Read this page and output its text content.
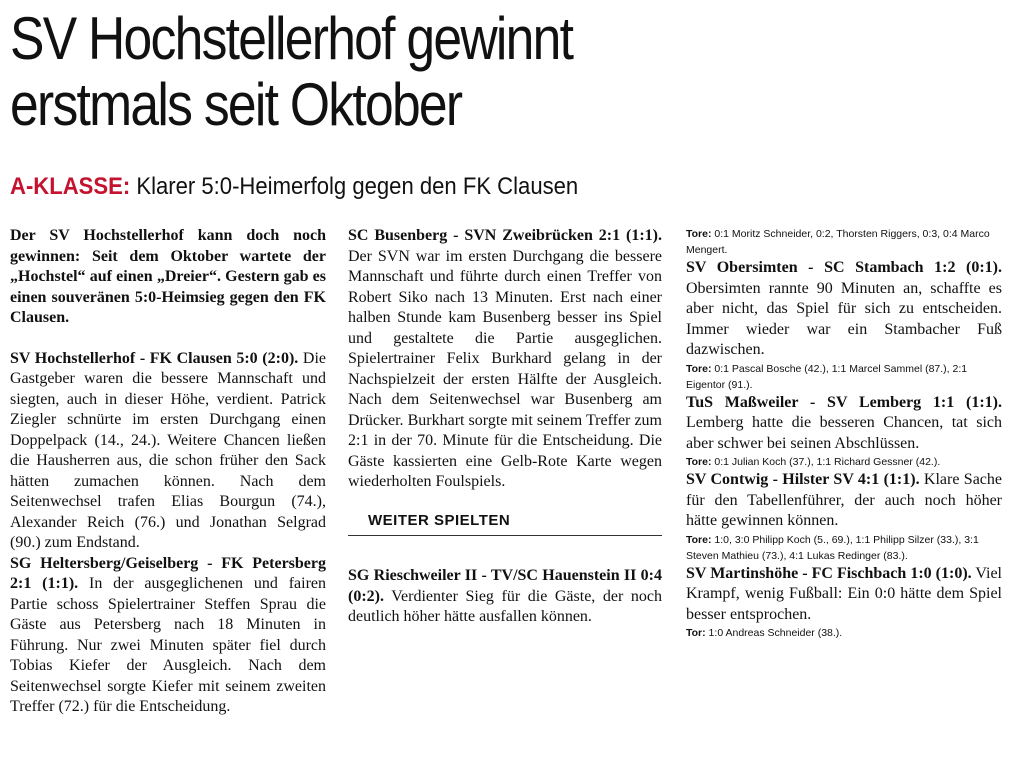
SV Hochstellerhof gewinnt
erstmals seit Oktober
A-KLASSE: Klarer 5:0-Heimerfolg gegen den FK Clausen

Der SV Hochstellerhof kann doch noch gewinnen: Seit dem Oktober wartete der „Hochstel“ auf einen „Dreier“. Gestern gab es einen souveränen 5:0-Heimsieg gegen den FK Clausen.

SV Hochstellerhof - FK Clausen 5:0 (2:0). Die Gastgeber waren die bessere Mannschaft und siegten, auch in dieser Höhe, verdient. Patrick Ziegler schnürte im ersten Durchgang einen Doppelpack (14., 24.). Weitere Chancen ließen die Hausherren aus, die schon früher den Sack hätten zumachen können. Nach dem Seitenwechsel trafen Elias Bourgun (74.), Alexander Reich (76.) und Jonathan Selgrad (90.) zum Endstand.

SG Heltersberg/Geiselberg - FK Petersberg 2:1 (1:1). In der ausgeglichenen und fairen Partie schoss Spielertrainer Steffen Sprau die Gäste aus Petersberg nach 18 Minuten in Führung. Nur zwei Minuten später fiel durch Tobias Kiefer der Ausgleich. Nach dem Seitenwechsel sorgte Kiefer mit seinem zweiten Treffer (72.) für die Entscheidung.

SC Busenberg - SVN Zweibrücken 2:1 (1:1). Der SVN war im ersten Durchgang die bessere Mannschaft und führte durch einen Treffer von Robert Siko nach 13 Minuten. Erst nach einer halben Stunde kam Busenberg besser ins Spiel und gestaltete die Partie ausgeglichen. Spielertrainer Felix Burkhard gelang in der Nachspielzeit der ersten Hälfte der Ausgleich. Nach dem Seitenwechsel war Busenberg am Drücker. Burkhart sorgte mit seinem Treffer zum 2:1 in der 70. Minute für die Entscheidung. Die Gäste kassierten eine Gelb-Rote Karte wegen wiederholten Foulspiels.

WEITER SPIELTEN

SG Rieschweiler II - TV/SC Hauenstein II 0:4 (0:2). Verdienter Sieg für die Gäste, der noch deutlich höher hätte ausfallen können.

Tore: 0:1 Moritz Schneider, 0:2, Thorsten Riggers, 0:3, 0:4 Marco Mengert.

SV Obersimten - SC Stambach 1:2 (0:1). Obersimten rannte 90 Minuten an, schaffte es aber nicht, das Spiel für sich zu entscheiden. Immer wieder war ein Stambacher Fuß dazwischen.

Tore: 0:1 Pascal Bosche (42.), 1:1 Marcel Sammel (87.), 2:1 Eigentor (91.).

TuS Maßweiler - SV Lemberg 1:1 (1:1). Lemberg hatte die besseren Chancen, tat sich aber schwer bei seinen Abschlüssen.

Tore: 0:1 Julian Koch (37.), 1:1 Richard Gessner (42.).

SV Contwig - Hilster SV 4:1 (1:1). Klare Sache für den Tabellenführer, der auch noch höher hätte gewinnen können.

Tore: 1:0, 3:0 Philipp Koch (5., 69.), 1:1 Philipp Silzer (33.), 3:1 Steven Mathieu (73.), 4:1 Lukas Redinger (83.).

SV Martinshöhe - FC Fischbach 1:0 (1:0). Viel Krampf, wenig Fußball: Ein 0:0 hätte dem Spiel besser entsprochen.

Tor: 1:0 Andreas Schneider (38.).
